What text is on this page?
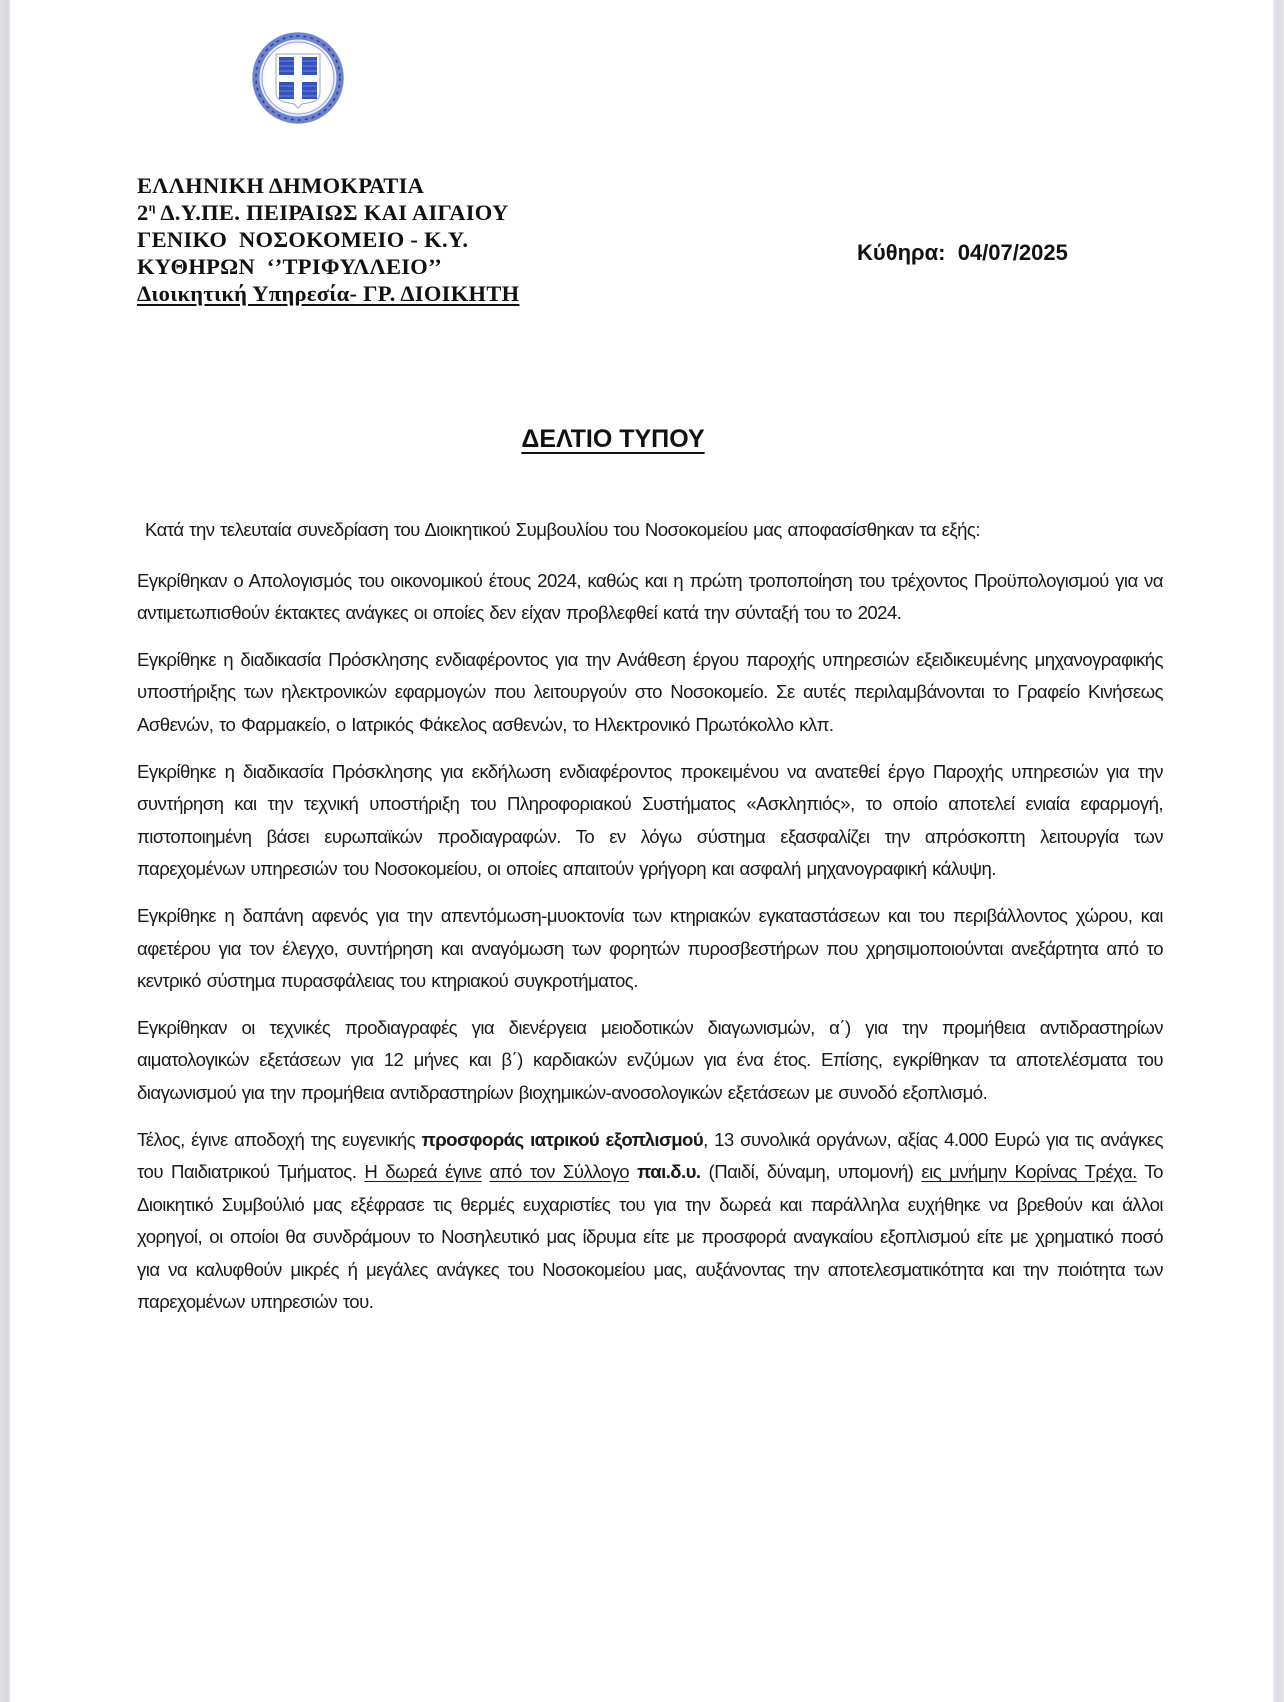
ΕΛΛΗΝΙΚΗ ΔΗΜΟΚΡΑΤΙΑ
$2^\eta$ Δ.Υ.ΠΕ. ΠΕΙΡΑΙΩΣ ΚΑΙ ΑΙΓΑΙΟΥ
ΓΕΝΙΚΟ  ΝΟΣΟΚΟΜΕΙΟ - Κ.Υ.
ΚΥΘΗΡΩΝ  ‘’ΤΡΙΦΥΛΛΕΙΟ’’
Διοικητική Υπηρεσία- ΓΡ. ΔΙΟΙΚΗΤΗ
Κύθηρα:  04/07/2025
ΔΕΛΤΙΟ ΤΥΠΟΥ

Κατά την τελευταία συνεδρίαση του Διοικητικού Συμβουλίου του Νοσοκομείου μας αποφασίσθηκαν τα εξής:

Εγκρίθηκαν ο Απολογισμός του οικονομικού έτους 2024, καθώς και η πρώτη τροποποίηση του τρέχοντος Προϋπολογισμού για να αντιμετωπισθούν έκτακτες ανάγκες οι οποίες δεν είχαν προβλεφθεί κατά την σύνταξή του το 2024.

Εγκρίθηκε η διαδικασία Πρόσκλησης ενδιαφέροντος για την Ανάθεση έργου παροχής υπηρεσιών εξειδικευμένης μηχανογραφικής υποστήριξης των ηλεκτρονικών εφαρμογών που λειτουργούν στο Νοσοκομείο. Σε αυτές περιλαμβάνονται το Γραφείο Κινήσεως Ασθενών, το Φαρμακείο, ο Ιατρικός Φάκελος ασθενών, το Ηλεκτρονικό Πρωτόκολλο κλπ.

Εγκρίθηκε η διαδικασία Πρόσκλησης για εκδήλωση ενδιαφέροντος προκειμένου να ανατεθεί έργο Παροχής υπηρεσιών για την συντήρηση και την τεχνική υποστήριξη του Πληροφοριακού Συστήματος «Ασκληπιός», το οποίο αποτελεί ενιαία εφαρμογή, πιστοποιημένη βάσει ευρωπαϊκών προδιαγραφών. Το εν λόγω σύστημα εξασφαλίζει την απρόσκοπτη λειτουργία των παρεχομένων υπηρεσιών του Νοσοκομείου, οι οποίες απαιτούν γρήγορη και ασφαλή μηχανογραφική κάλυψη.

Εγκρίθηκε η δαπάνη αφενός για την απεντόμωση-μυοκτονία των κτηριακών εγκαταστάσεων και του περιβάλλοντος χώρου, και αφετέρου για τον έλεγχο, συντήρηση και αναγόμωση των φορητών πυροσβεστήρων που χρησιμοποιούνται ανεξάρτητα από το κεντρικό σύστημα πυρασφάλειας του κτηριακού συγκροτήματος.

Εγκρίθηκαν οι τεχνικές προδιαγραφές για διενέργεια μειοδοτικών διαγωνισμών, α΄) για την προμήθεια αντιδραστηρίων αιματολογικών εξετάσεων για 12 μήνες και β΄) καρδιακών ενζύμων για ένα έτος. Επίσης, εγκρίθηκαν τα αποτελέσματα του διαγωνισμού για την προμήθεια αντιδραστηρίων βιοχημικών-ανοσολογικών εξετάσεων με συνοδό εξοπλισμό.

Τέλος, έγινε αποδοχή της ευγενικής προσφοράς ιατρικού εξοπλισμού, 13 συνολικά οργάνων, αξίας 4.000 Ευρώ για τις ανάγκες του Παιδιατρικού Τμήματος. Η δωρεά έγινε από τον Σύλλογο παι.δ.υ. (Παιδί, δύναμη, υπομονή) εις μνήμην Κορίνας Τρέχα. Το Διοικητικό Συμβούλιό μας εξέφρασε τις θερμές ευχαριστίες του για την δωρεά και παράλληλα ευχήθηκε να βρεθούν και άλλοι χορηγοί, οι οποίοι θα συνδράμουν το Νοσηλευτικό μας ίδρυμα είτε με προσφορά αναγκαίου εξοπλισμού είτε με χρηματικό ποσό για να καλυφθούν μικρές ή μεγάλες ανάγκες του Νοσοκομείου μας, αυξάνοντας την αποτελεσματικότητα και την ποιότητα των παρεχομένων υπηρεσιών του.
